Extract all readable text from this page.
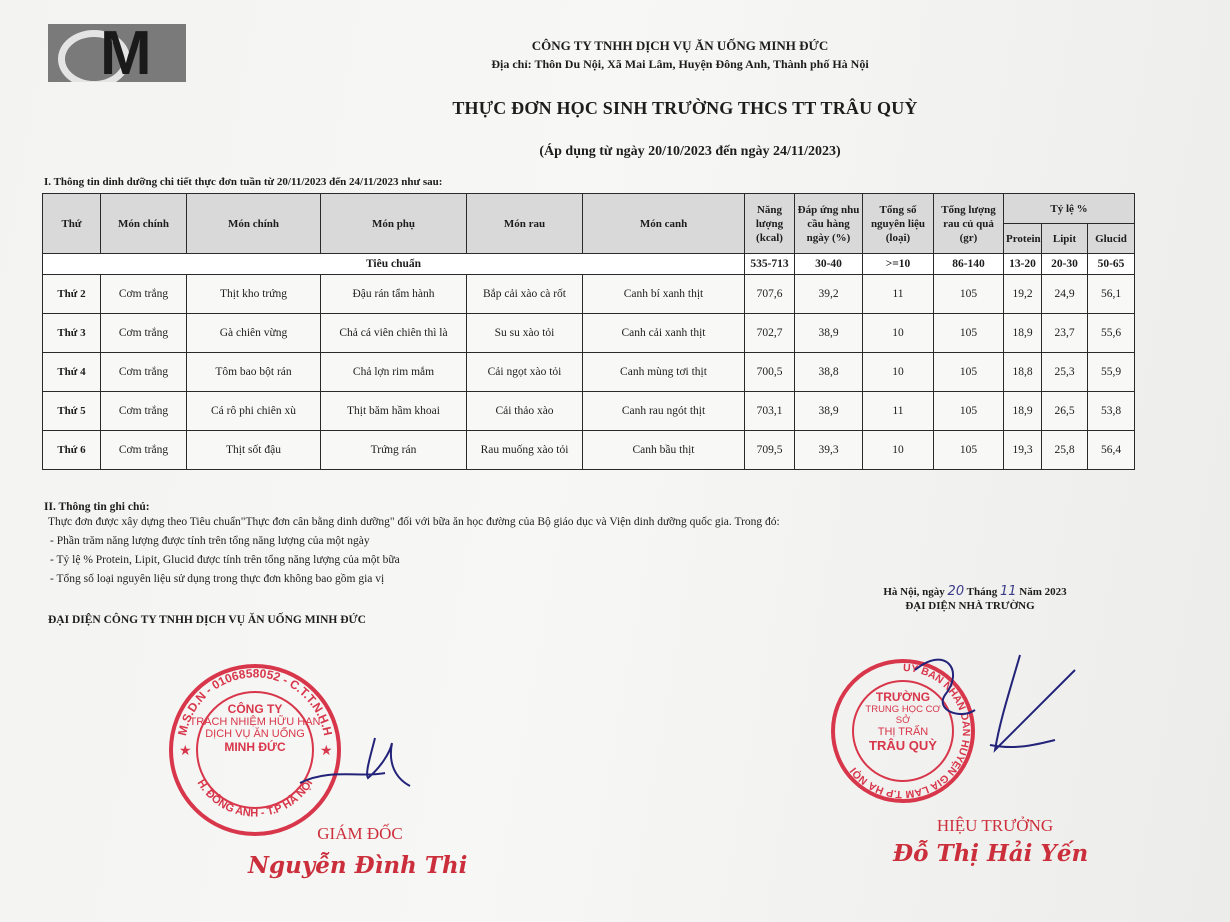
M	CÔNG TY TNHH DỊCH VỤ ĂN UỐNG MINH ĐỨC
Địa chỉ: Thôn Du Nội, Xã Mai Lâm, Huyện Đông Anh, Thành phố Hà Nội
THỰC ĐƠN HỌC SINH TRƯỜNG THCS TT TRÂU QUỲ
(Áp dụng từ ngày 20/10/2023 đến ngày 24/11/2023)
I. Thông tin dinh dưỡng chi tiết thực đơn tuần từ 20/11/2023 đến 24/11/2023 như sau:
Thứ	Món chính	Món chính	Món phụ	Món rau	Món canh	Năng lượng (kcal)	Đáp ứng nhu cầu hàng ngày (%)	Tổng số nguyên liệu (loại)	Tổng lượng rau củ quả (gr)	Tỷ lệ %		
										Protein	Lipit	Glucid
Tiêu chuẩn						535-713	30-40	>=10	86-140	13-20	20-30	50-65
Thứ 2	Cơm trắng	Thịt kho trứng	Đậu rán tẩm hành	Bắp cải xào cà rốt	Canh bí xanh thịt	707,6	39,2	11	105	19,2	24,9	56,1
Thứ 3	Cơm trắng	Gà chiên vừng	Chả cá viên chiên thì là	Su su xào tỏi	Canh cải xanh thịt	702,7	38,9	10	105	18,9	23,7	55,6
Thứ 4	Cơm trắng	Tôm bao bột rán	Chả lợn rim mắm	Cải ngọt xào tỏi	Canh mùng tơi thịt	700,5	38,8	10	105	18,8	25,3	55,9
Thứ 5	Cơm trắng	Cá rô phi chiên xù	Thịt băm hầm khoai	Cải thảo xào	Canh rau ngót thịt	703,1	38,9	11	105	18,9	26,5	53,8
Thứ 6	Cơm trắng	Thịt sốt đậu	Trứng rán	Rau muống xào tỏi	Canh bầu thịt	709,5	39,3	10	105	19,3	25,8	56,4
II. Thông tin ghi chú:
Thực đơn được xây dựng theo Tiêu chuẩn"Thực đơn cân bằng dinh dưỡng" đối với bữa ăn học đường của Bộ giáo dục và Viện dinh dưỡng quốc gia. Trong đó:
- Phần trăm năng lượng được tính trên tổng năng lượng của một ngày
- Tỷ lệ % Protein, Lipit, Glucid được tính trên tổng năng lượng của một bữa
- Tổng số loại nguyên liệu sử dụng trong thực đơn không bao gồm gia vị
Hà Nội, ngày 20 Tháng 11 Năm 2023
ĐẠI DIỆN NHÀ TRƯỜNG
ĐẠI DIỆN CÔNG TY TNHH DỊCH VỤ ĂN UỐNG MINH ĐỨC
M.S.D.N - 0106858052 - C.T.T.N.H.H
H. ĐÔNG ANH - T.P HÀ NỘI
★	★
CÔNG TY
TRÁCH NHIỆM HỮU HẠN
DỊCH VỤ ĂN UỐNG
MINH ĐỨC
GIÁM ĐỐC
Nguyễn Đình Thi
UỶ BAN NHÂN DÂN HUYỆN GIA LÂM T.P HÀ NỘI
TRƯỜNG
TRUNG HỌC CƠ SỞ
THỊ TRẤN
TRÂU QUỲ
HIỆU TRƯỞNG
Đỗ Thị Hải Yến
